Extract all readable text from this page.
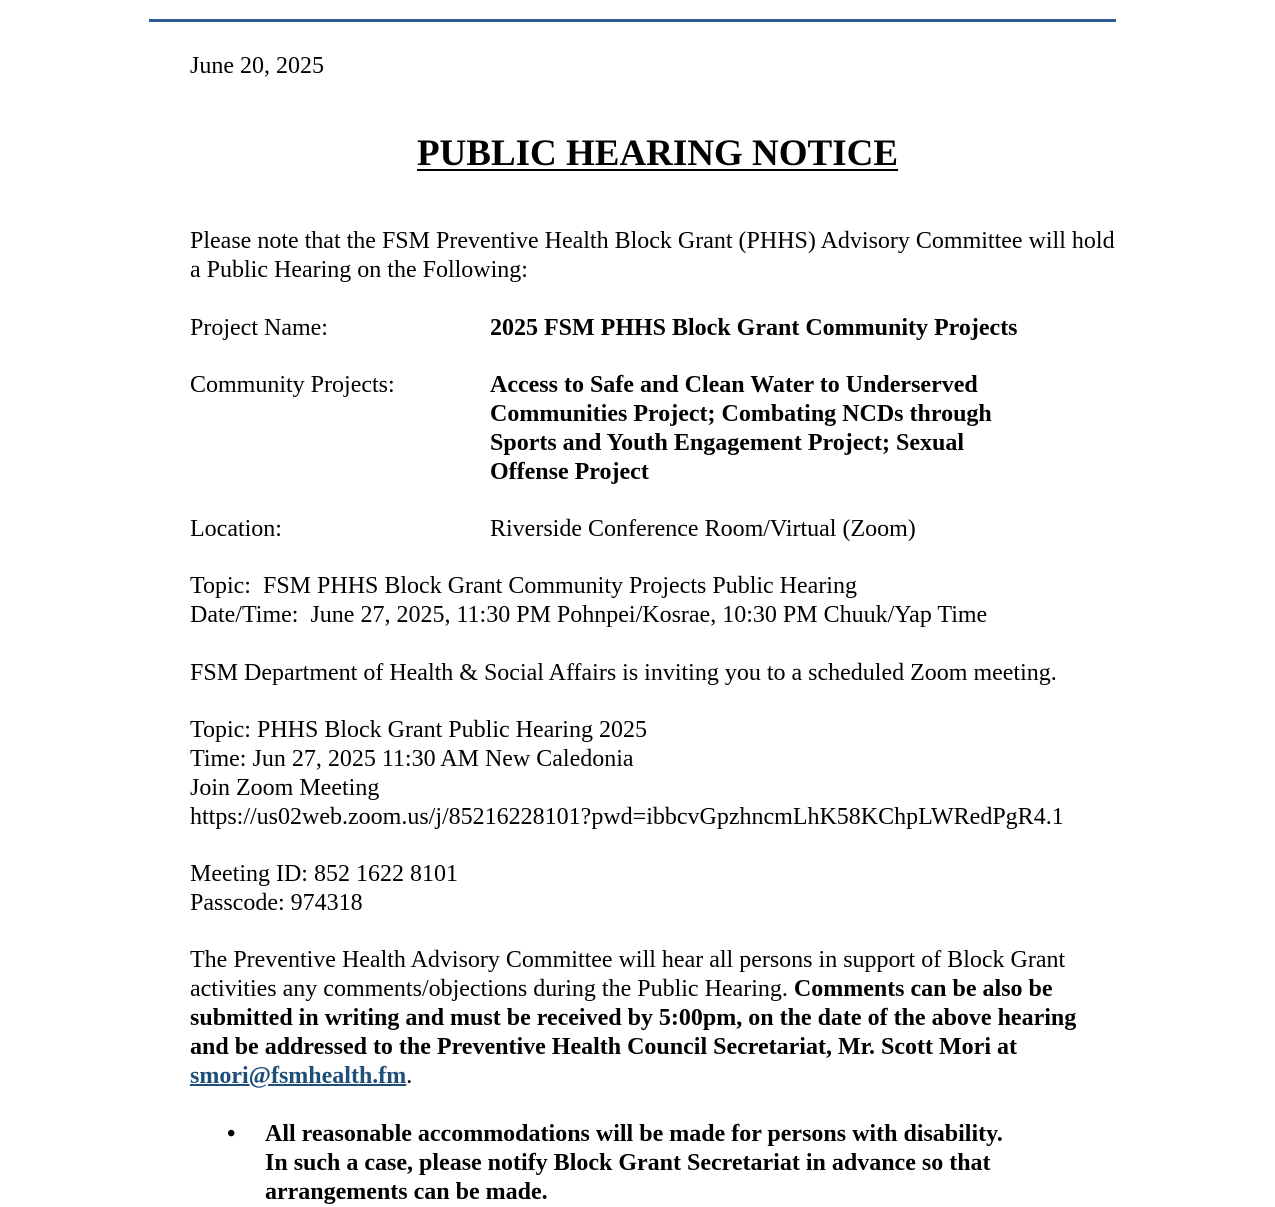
June 20, 2025

PUBLIC HEARING NOTICE

Please note that the FSM Preventive Health Block Grant (PHHS) Advisory Committee will hold a Public Hearing on the Following:

Project Name:	2025 FSM PHHS Block Grant Community Projects
Community Projects:	Access to Safe and Clean Water to Underserved
Communities Project; Combating NCDs through
Sports and Youth Engagement Project; Sexual
Offense Project
Location:	Riverside Conference Room/Virtual (Zoom)

Topic:  FSM PHHS Block Grant Community Projects Public Hearing

Date/Time:  June 27, 2025, 11:30 PM Pohnpei/Kosrae, 10:30 PM Chuuk/Yap Time

FSM Department of Health & Social Affairs is inviting you to a scheduled Zoom meeting.

Topic: PHHS Block Grant Public Hearing 2025

Time: Jun 27, 2025 11:30 AM New Caledonia

Join Zoom Meeting

https://us02web.zoom.us/j/85216228101?pwd=ibbcvGpzhncmLhK58KChpLWRedPgR4.1

Meeting ID: 852 1622 8101

Passcode: 974318

The Preventive Health Advisory Committee will hear all persons in support of Block Grant activities any comments/objections during the Public Hearing. Comments can be also be submitted in writing and must be received by 5:00pm, on the date of the above hearing and be addressed to the Preventive Health Council Secretariat, Mr. Scott Mori at smori@fsmhealth.fm.

• All reasonable accommodations will be made for persons with disability.
In such a case, please notify Block Grant Secretariat in advance so that
arrangements can be made.
